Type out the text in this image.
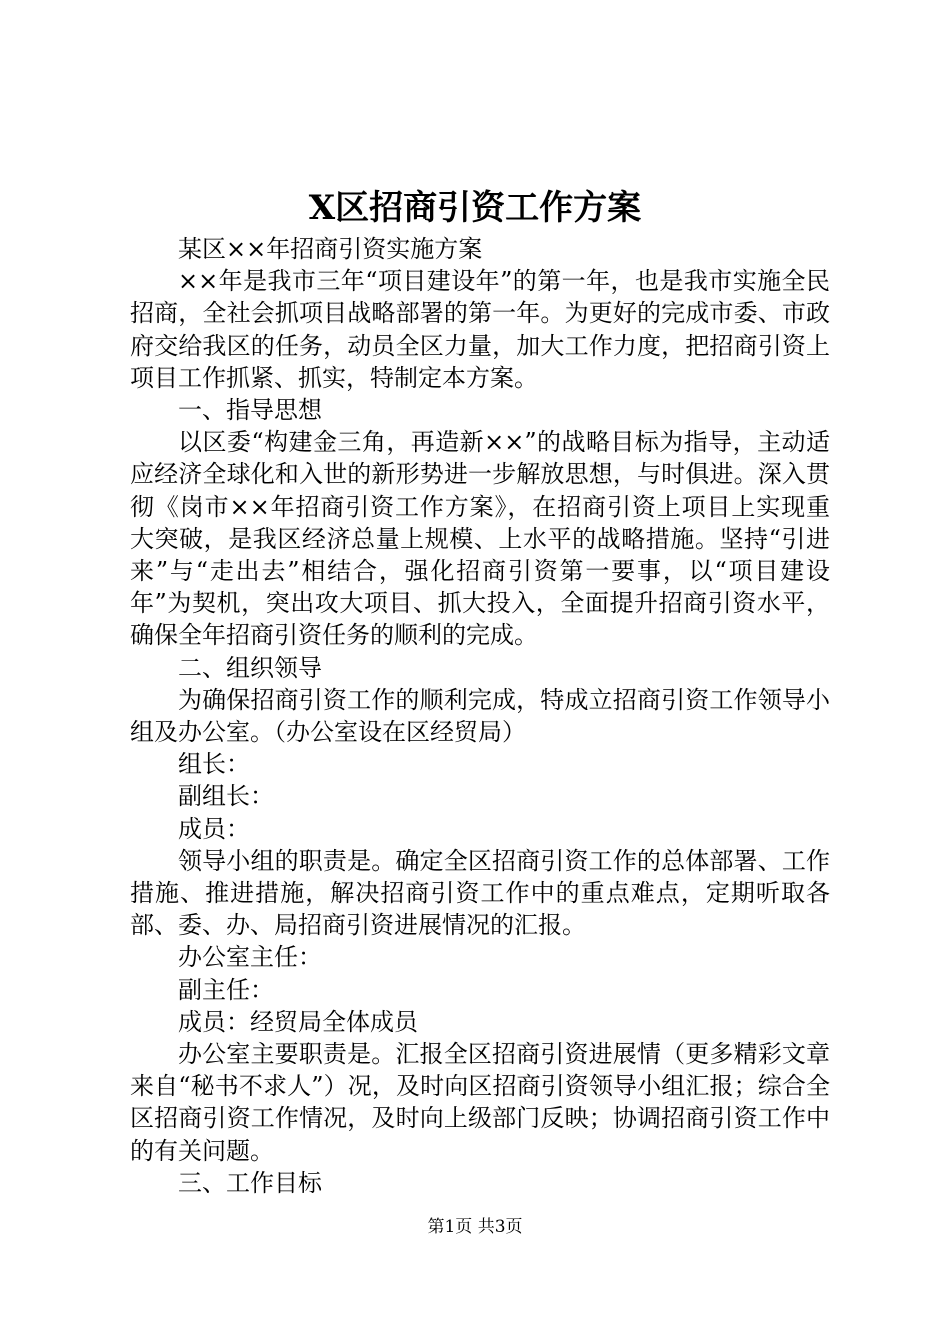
X区招商引资工作方案

某区××年招商引资实施方案

××年是我市三年“项目建设年”的第一年，也是我市实施全民招商，全社会抓项目战略部署的第一年。为更好的完成市委、市政府交给我区的任务，动员全区力量，加大工作力度，把招商引资上项目工作抓紧、抓实，特制定本方案。

一、指导思想

以区委“构建金三角，再造新××”的战略目标为指导，主动适应经济全球化和入世的新形势进一步解放思想，与时俱进。深入贯彻《岗市××年招商引资工作方案》，在招商引资上项目上实现重大突破，是我区经济总量上规模、上水平的战略措施。坚持“引进来”与“走出去”相结合，强化招商引资第一要事，以“项目建设年”为契机，突出攻大项目、抓大投入，全面提升招商引资水平，确保全年招商引资任务的顺利的完成。

二、组织领导

为确保招商引资工作的顺利完成，特成立招商引资工作领导小组及办公室。（办公室设在区经贸局）

组长：

副组长：

成员：

领导小组的职责是。确定全区招商引资工作的总体部署、工作措施、推进措施，解决招商引资工作中的重点难点，定期听取各部、委、办、局招商引资进展情况的汇报。

办公室主任：

副主任：

成员：经贸局全体成员

办公室主要职责是。汇报全区招商引资进展情（更多精彩文章来自“秘书不求人”）况，及时向区招商引资领导小组汇报；综合全区招商引资工作情况，及时向上级部门反映；协调招商引资工作中的有关问题。

三、工作目标

第1页 共3页
